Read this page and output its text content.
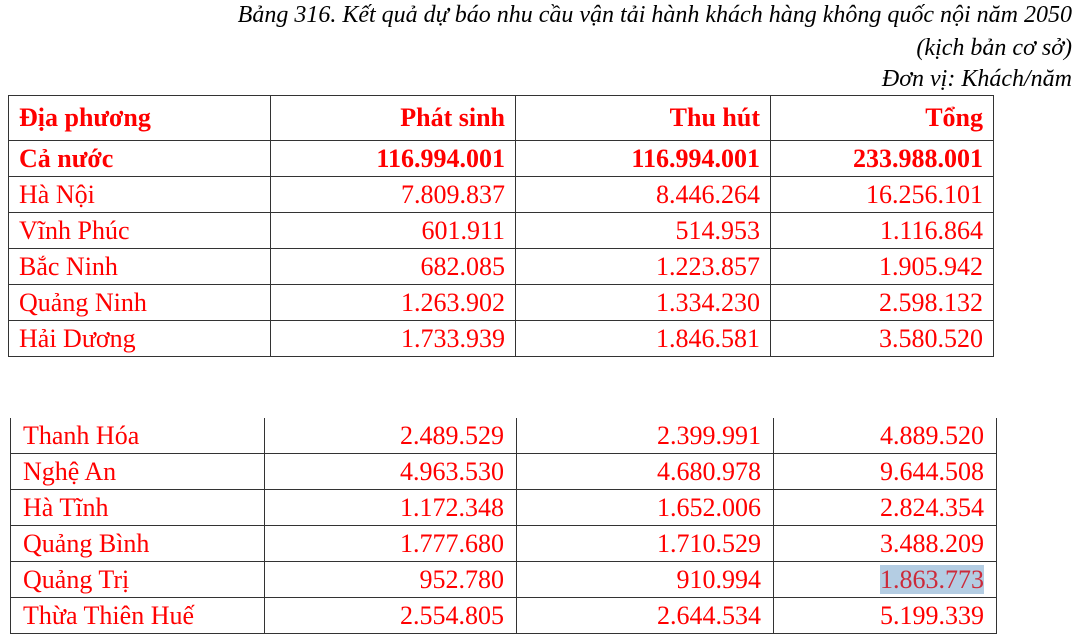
Bảng 316. Kết quả dự báo nhu cầu vận tải hành khách hàng không quốc nội năm 2050
(kịch bản cơ sở)
Đơn vị: Khách/năm
Địa phương	Phát sinh	Thu hút	Tổng
Cả nước	116.994.001	116.994.001	233.988.001
Hà Nội	7.809.837	8.446.264	16.256.101
Vĩnh Phúc	601.911	514.953	1.116.864
Bắc Ninh	682.085	1.223.857	1.905.942
Quảng Ninh	1.263.902	1.334.230	2.598.132
Hải Dương	1.733.939	1.846.581	3.580.520
Thanh Hóa	2.489.529	2.399.991	4.889.520
Nghệ An	4.963.530	4.680.978	9.644.508
Hà Tĩnh	1.172.348	1.652.006	2.824.354
Quảng Bình	1.777.680	1.710.529	3.488.209
Quảng Trị	952.780	910.994	1.863.773
Thừa Thiên Huế	2.554.805	2.644.534	5.199.339
